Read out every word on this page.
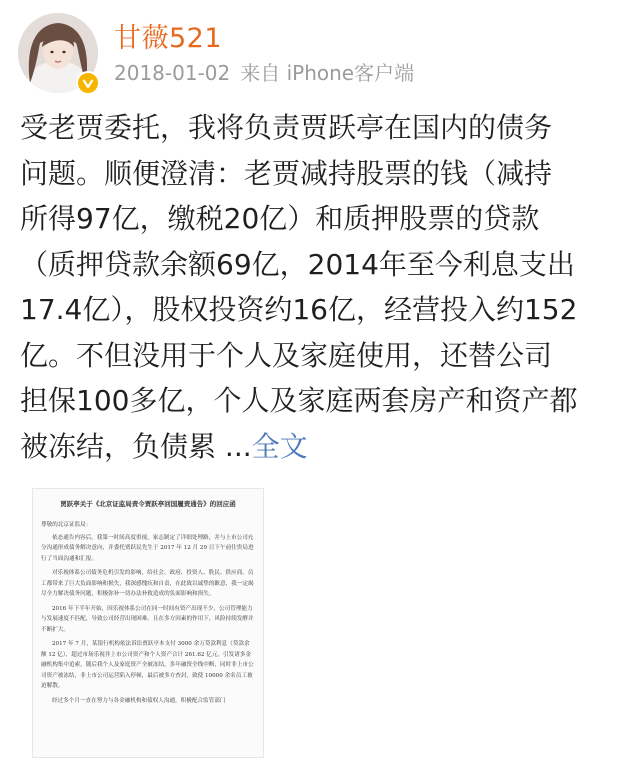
甘薇521
2018-01-02 来自 iPhone客户端

受老贾委托，我将负责贾跃亭在国内的债务

问题。顺便澄清：老贾减持股票的钱（减持

所得97亿，缴税20亿）和质押股票的贷款

（质押贷款余额69亿，2014年至今利息支出

17.4亿），股权投资约16亿，经营投入约152

亿。不但没用于个人及家庭使用，还替公司

担保100多亿，个人及家庭两套房产和资产都

被冻结，负债累 ...全文

贾跃亭关于《北京证监局责令贾跃亭回国履责通告》的回应函

尊敬的北京证监局：

依态通告内容后，我第一时间高度重视，家志制定了详细处理路，并与上市公司充分沟通形成债务解决意向，并委托贾跃民先生于 2017 年 12 月 29 日下午前往贵局进行了当面沟通和汇报。

对乐视体系公司债务危机引发的影响，给社会、政府、投资人、股民、供应商、员工都带来了巨大负面影响和损失，我深感愧疚和自责，在此致以诚挚的歉意，我一定竭尽全力解决债务问题，积极弥补一切办法补救造成的负面影响和损失。

2016 年下半年开始，因乐视体系公司在同一时间有资产出现不少，公司管理能力与发展速度不匹配，导致公司经营出现困难。且在多方因素的作用下，风险持续发酵并不断扩大。

2017 年 7 月，某银行机构依法诉讼贾跃亭本支付 3000 余万贷款利息（贷款余额 12 亿），超过市场乐视非上市公司资产和个人资产合计 261.62 亿元。引发诸多金融机构集中追索，随后我个人及家庭资产全被冻结，多年融资全线中断，同时非上市公司资产被冻结，非上市公司运营陷入停顿，最后被多方查封，致使 10000 余名员工被迫解散。

经过多个月一直在努力与各金融机构和债权人沟通，积极配合监管部门
